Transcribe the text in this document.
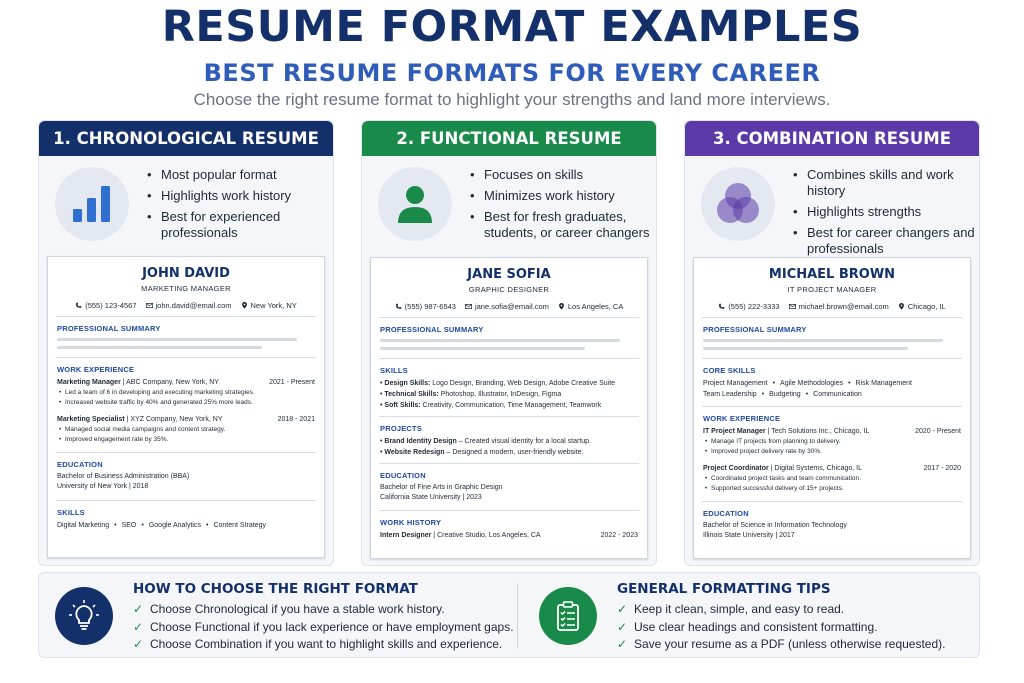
RESUME FORMAT EXAMPLES
BEST RESUME FORMATS FOR EVERY CAREER
Choose the right resume format to highlight your strengths and land more interviews.
1. CHRONOLOGICAL RESUME
• Most popular format
• Highlights work history
• Best for experienced professionals
JOHN DAVID
MARKETING MANAGER
(555) 123-4567	john.david@email.com	New York, NY
PROFESSIONAL SUMMARY
WORK EXPERIENCE
Marketing Manager | ABC Company, New York, NY	2021 - Present
• Led a team of 6 in developing and executing marketing strategies.
• Increased website traffic by 40% and generated 25% more leads.
Marketing Specialist | XYZ Company, New York, NY	2018 - 2021
• Managed social media campaigns and content strategy.
• Improved engagement rate by 35%.
EDUCATION
Bachelor of Business Administration (BBA)
University of New York | 2018
SKILLS
Digital Marketing • SEO • Google Analytics • Content Strategy
2. FUNCTIONAL RESUME
• Focuses on skills
• Minimizes work history
• Best for fresh graduates, students, or career changers
JANE SOFIA
GRAPHIC DESIGNER
(555) 987-6543	jane.sofia@email.com	Los Angeles, CA
PROFESSIONAL SUMMARY
SKILLS
• Design Skills: Logo Design, Branding, Web Design, Adobe Creative Suite
• Technical Skills: Photoshop, Illustrator, InDesign, Figma
• Soft Skills: Creativity, Communication, Time Management, Teamwork
PROJECTS
• Brand Identity Design – Created visual identity for a local startup.
• Website Redesign – Designed a modern, user-friendly website.
EDUCATION
Bachelor of Fine Arts in Graphic Design
California State University | 2023
WORK HISTORY
Intern Designer | Creative Studio, Los Angeles, CA	2022 - 2023
3. COMBINATION RESUME
• Combines skills and work history
• Highlights strengths
• Best for career changers and professionals
MICHAEL BROWN
IT PROJECT MANAGER
(555) 222-3333	michael.brown@email.com	Chicago, IL
PROFESSIONAL SUMMARY
CORE SKILLS
Project Management • Agile Methodologies • Risk Management
Team Leadership • Budgeting • Communication
WORK EXPERIENCE
IT Project Manager | Tech Solutions Inc., Chicago, IL	2020 - Present
• Manage IT projects from planning to delivery.
• Improved project delivery rate by 30%.
Project Coordinator | Digital Systems, Chicago, IL	2017 - 2020
• Coordinated project tasks and team communication.
• Supported successful delivery of 15+ projects.
EDUCATION
Bachelor of Science in Information Technology
Illinois State University | 2017
HOW TO CHOOSE THE RIGHT FORMAT
✓ Choose Chronological if you have a stable work history.
✓ Choose Functional if you lack experience or have employment gaps.
✓ Choose Combination if you want to highlight skills and experience.
GENERAL FORMATTING TIPS
✓ Keep it clean, simple, and easy to read.
✓ Use clear headings and consistent formatting.
✓ Save your resume as a PDF (unless otherwise requested).
